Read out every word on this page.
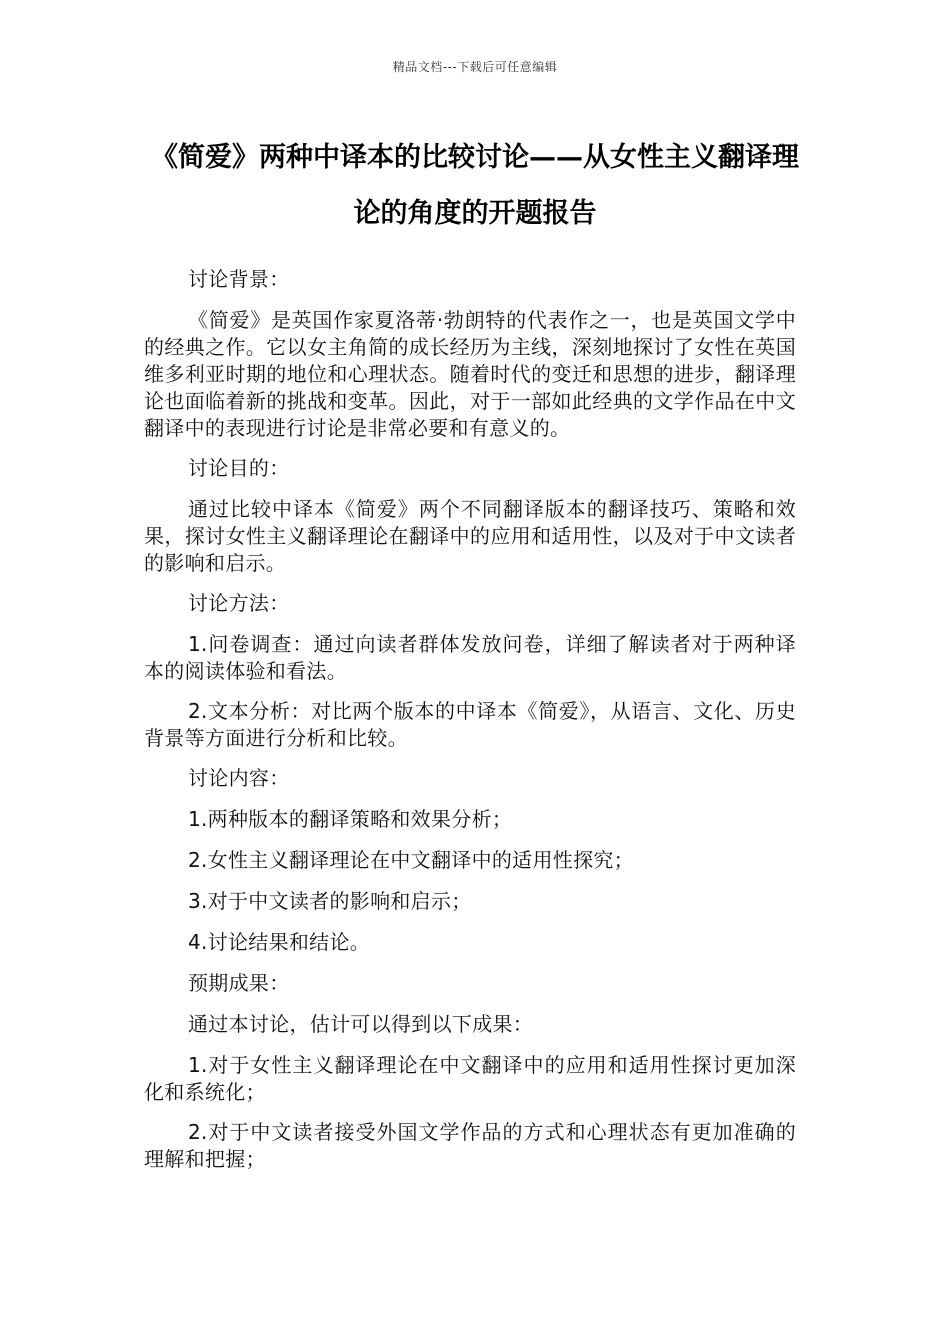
精品文档---下载后可任意编辑
《简爱》两种中译本的比较讨论——从女性主义翻译理论的角度的开题报告

讨论背景：

《简爱》是英国作家夏洛蒂·勃朗特的代表作之一，也是英国文学中的经典之作。它以女主角简的成长经历为主线，深刻地探讨了女性在英国维多利亚时期的地位和心理状态。随着时代的变迁和思想的进步，翻译理论也面临着新的挑战和变革。因此，对于一部如此经典的文学作品在中文翻译中的表现进行讨论是非常必要和有意义的。

讨论目的：

通过比较中译本《简爱》两个不同翻译版本的翻译技巧、策略和效果，探讨女性主义翻译理论在翻译中的应用和适用性，以及对于中文读者的影响和启示。

讨论方法：

1.问卷调查：通过向读者群体发放问卷，详细了解读者对于两种译本的阅读体验和看法。

2.文本分析：对比两个版本的中译本《简爱》，从语言、文化、历史背景等方面进行分析和比较。

讨论内容：

1.两种版本的翻译策略和效果分析；

2.女性主义翻译理论在中文翻译中的适用性探究；

3.对于中文读者的影响和启示；

4.讨论结果和结论。

预期成果：

通过本讨论，估计可以得到以下成果：

1.对于女性主义翻译理论在中文翻译中的应用和适用性探讨更加深化和系统化；

2.对于中文读者接受外国文学作品的方式和心理状态有更加准确的理解和把握；
